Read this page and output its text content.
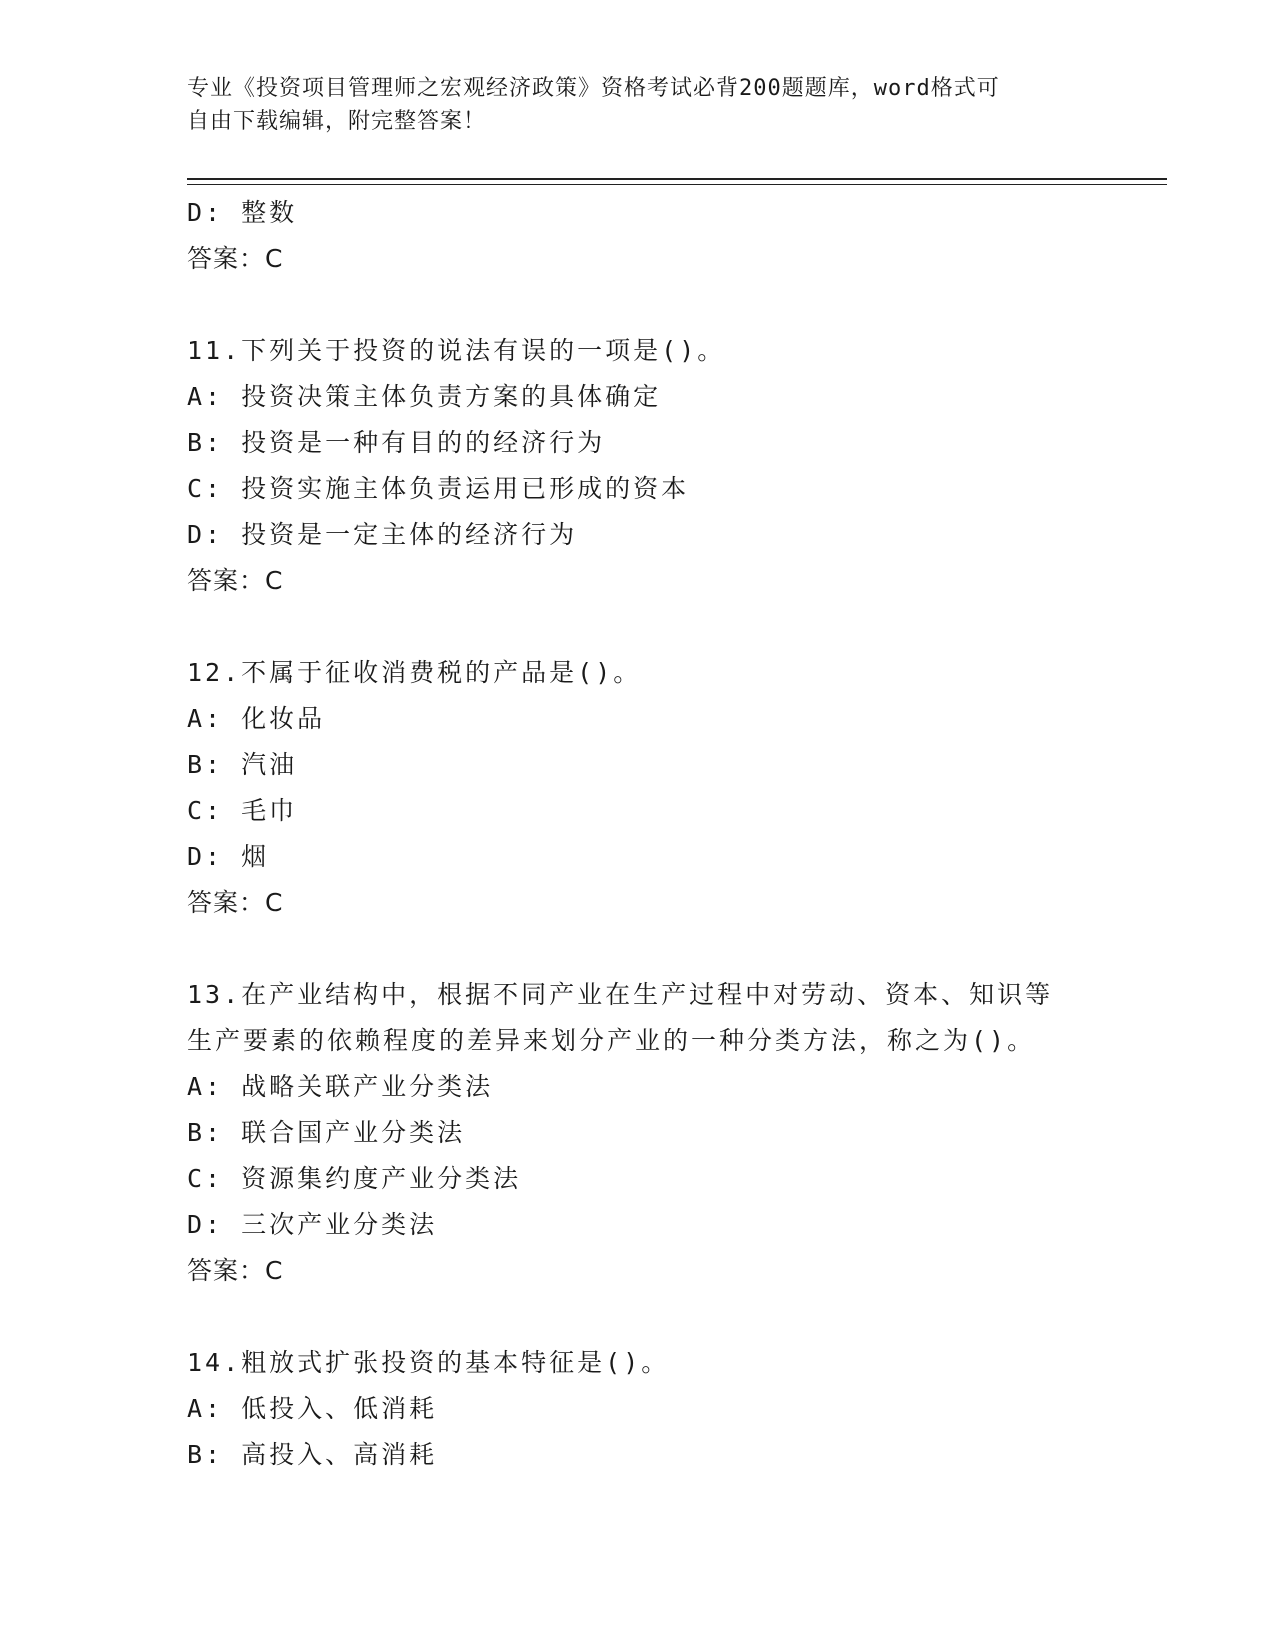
专业《投资项目管理师之宏观经济政策》资格考试必背200题题库，word格式可
自由下载编辑，附完整答案！
D: 整数
答案：C
11.下列关于投资的说法有误的一项是()。
A: 投资决策主体负责方案的具体确定
B: 投资是一种有目的的经济行为
C: 投资实施主体负责运用已形成的资本
D: 投资是一定主体的经济行为
答案：C
12.不属于征收消费税的产品是()。
A: 化妆品
B: 汽油
C: 毛巾
D: 烟
答案：C
13.在产业结构中，根据不同产业在生产过程中对劳动、资本、知识等
生产要素的依赖程度的差异来划分产业的一种分类方法，称之为()。
A: 战略关联产业分类法
B: 联合国产业分类法
C: 资源集约度产业分类法
D: 三次产业分类法
答案：C
14.粗放式扩张投资的基本特征是()。
A: 低投入、低消耗
B: 高投入、高消耗
